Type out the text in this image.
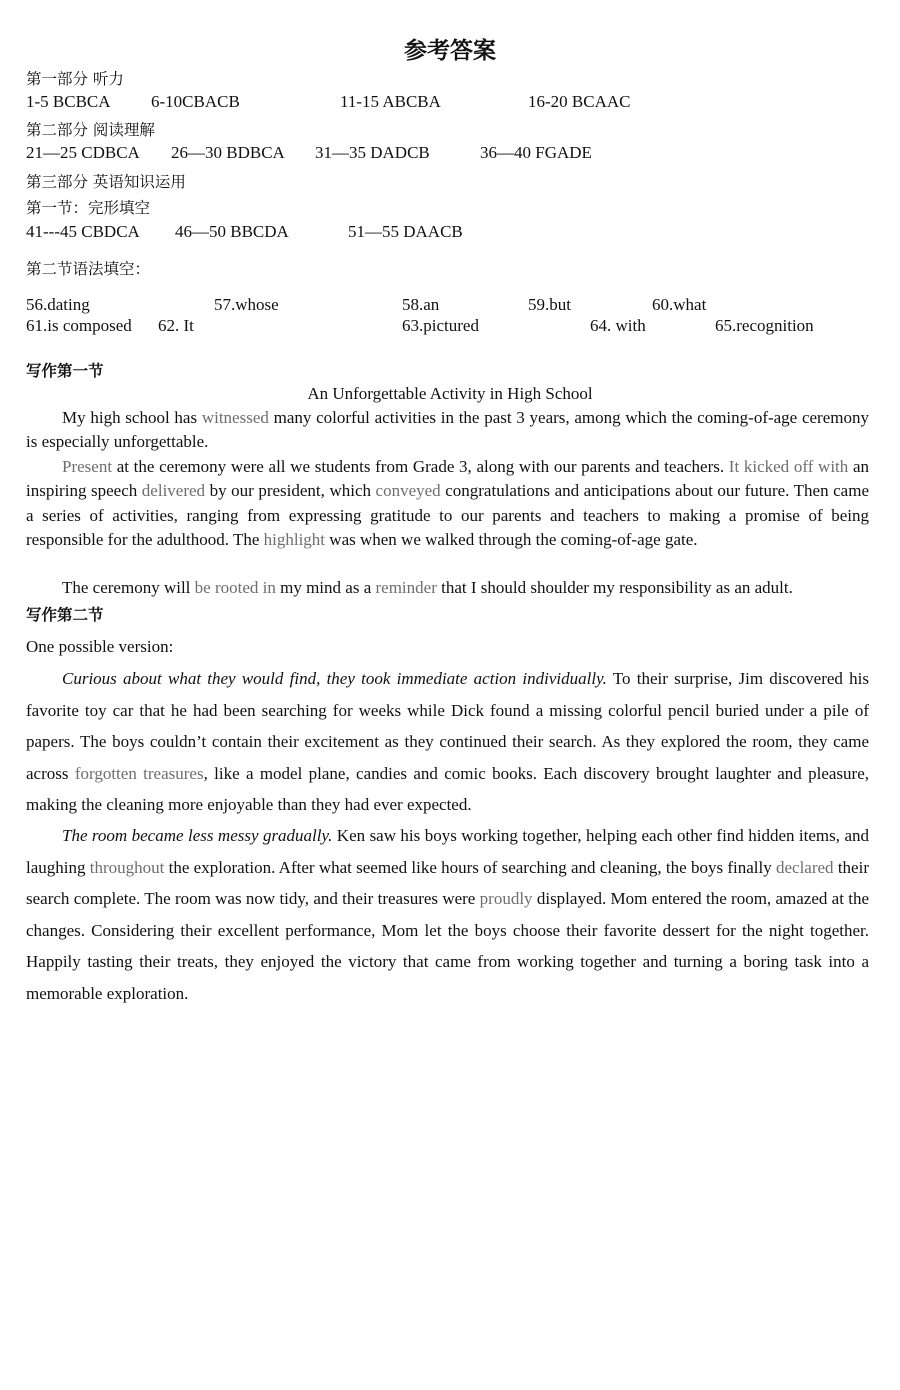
参考答案
第一部分 听力
1-5 BCBCA 6-10CBACB	11-15 ABCBA	16-20 BCAAC
第二部分 阅读理解
21—25 CDBCA 26—30 BDBCA 31—35 DADCB	36—40 FGADE
第三部分 英语知识运用
第一节：完形填空
41---45 CBDCA 46—50 BBCDA	51—55 DAACB
第二节语法填空：
56.dating	57.whose	58.an	59.but	60.what
61.is composed 62. It	63.pictured	64. with	65.recognition
写作第一节
An Unforgettable Activity in High School

My high school has witnessed many colorful activities in the past 3 years, among which the coming-of-age ceremony is especially unforgettable.

Present at the ceremony were all we students from Grade 3, along with our parents and teachers. It kicked off with an inspiring speech delivered by our president, which conveyed congratulations and anticipations about our future. Then came a series of activities, ranging from expressing gratitude to our parents and teachers to making a promise of being responsible for the adulthood. The highlight was when we walked through the coming-of-age gate.

The ceremony will be rooted in my mind as a reminder that I should shoulder my responsibility as an adult.

写作第二节
One possible version:

Curious about what they would find, they took immediate action individually. To their surprise, Jim discovered his favorite toy car that he had been searching for weeks while Dick found a missing colorful pencil buried under a pile of papers. The boys couldn’t contain their excitement as they continued their search. As they explored the room, they came across forgotten treasures, like a model plane, candies and comic books. Each discovery brought laughter and pleasure, making the cleaning more enjoyable than they had ever expected.

The room became less messy gradually. Ken saw his boys working together, helping each other find hidden items, and laughing throughout the exploration. After what seemed like hours of searching and cleaning, the boys finally declared their search complete. The room was now tidy, and their treasures were proudly displayed. Mom entered the room, amazed at the changes. Considering their excellent performance, Mom let the boys choose their favorite dessert for the night together. Happily tasting their treats, they enjoyed the victory that came from working together and turning a boring task into a memorable exploration.
